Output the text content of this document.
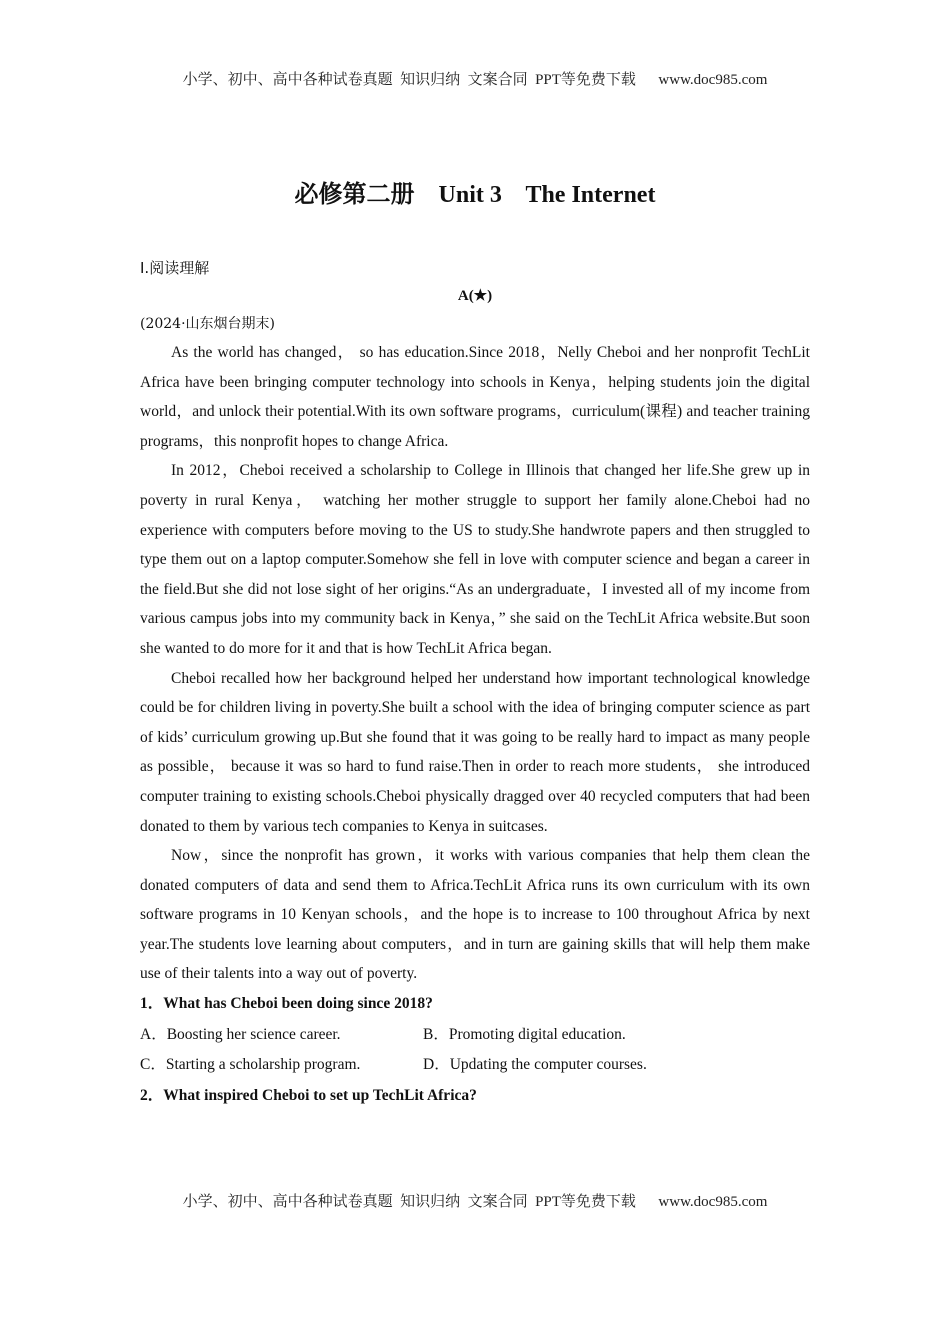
小学、初中、高中各种试卷真题  知识归纳  文案合同  PPT等免费下载      www.doc985.com
必修第二册    Unit 3    The Internet
Ⅰ.阅读理解
A(★)
(2024·山东烟台期末)

As the world has changed， so has education.Since 2018，Nelly Cheboi and her nonprofit TechLit Africa have been bringing computer technology into schools in Kenya，helping students join the digital world，and unlock their potential.With its own software programs，curriculum(课程) and teacher training programs，this nonprofit hopes to change Africa.

In 2012，Cheboi received a scholarship to College in Illinois that changed her life.She grew up in poverty in rural Kenya， watching her mother struggle to support her family alone.Cheboi had no experience with computers before moving to the US to study.She handwrote papers and then struggled to type them out on a laptop computer.Somehow she fell in love with computer science and began a career in the field.But she did not lose sight of her origins.“As an undergraduate，I invested all of my income from various campus jobs into my community back in Kenya，” she said on the TechLit Africa website.But soon she wanted to do more for it and that is how TechLit Africa began.

Cheboi recalled how her background helped her understand how important technological knowledge could be for children living in poverty.She built a school with the idea of bringing computer science as part of kids’ curriculum growing up.But she found that it was going to be really hard to impact as many people as possible， because it was so hard to fund raise.Then in order to reach more students， she introduced computer training to existing schools.Cheboi physically dragged over 40 recycled computers that had been donated to them by various tech companies to Kenya in suitcases.

Now，since the nonprofit has grown，it works with various companies that help them clean the donated computers of data and send them to Africa.TechLit Africa runs its own curriculum with its own software programs in 10 Kenyan schools，and the hope is to increase to 100 throughout Africa by next year.The students love learning about computers，and in turn are gaining skills that will help them make use of their talents into a way out of poverty.

1．What has Cheboi been doing since 2018?

A．Boosting her science career.	B．Promoting digital education.
C．Starting a scholarship program.	D．Updating the computer courses.

2．What inspired Cheboi to set up TechLit Africa?

小学、初中、高中各种试卷真题  知识归纳  文案合同  PPT等免费下载      www.doc985.com
